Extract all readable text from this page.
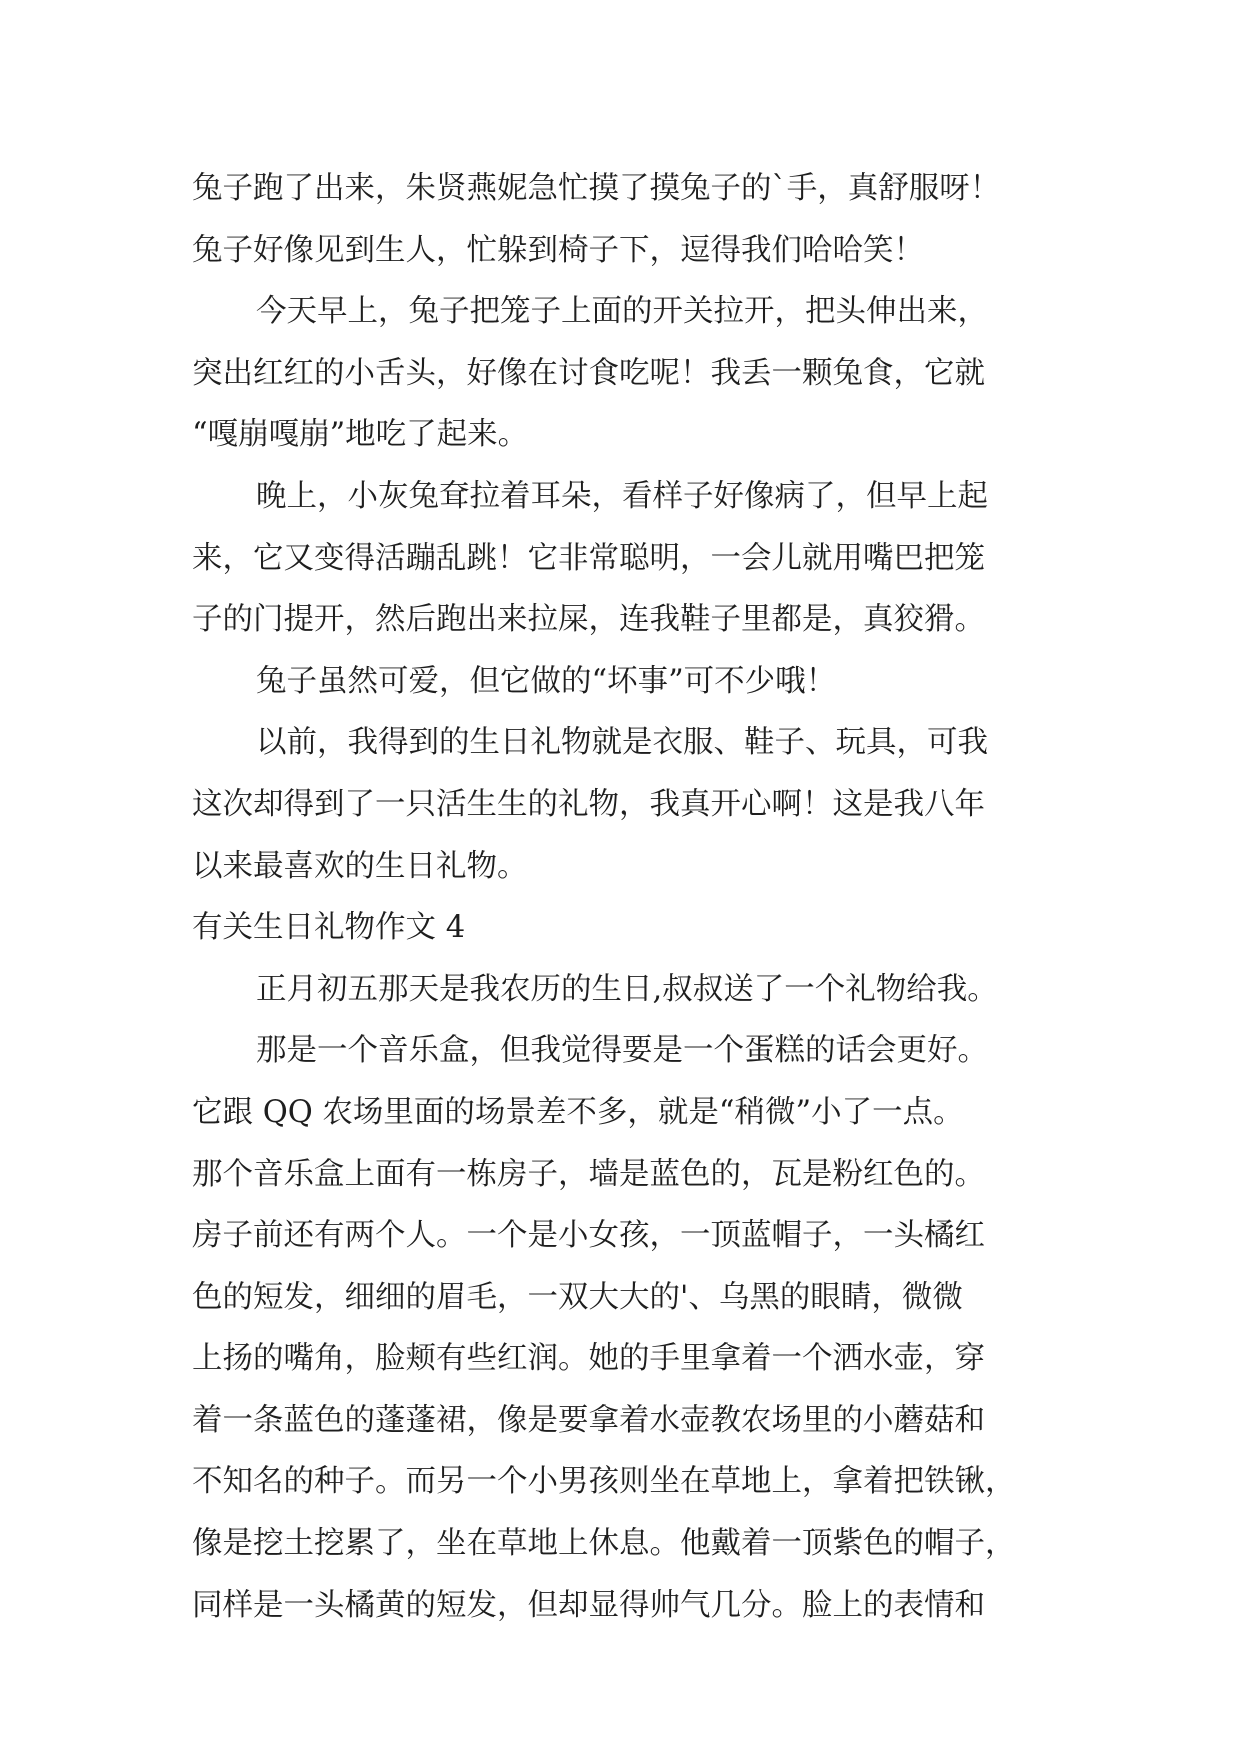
兔子跑了出来，朱贤燕妮急忙摸了摸兔子的`手，真舒服呀！
兔子好像见到生人，忙躲到椅子下，逗得我们哈哈笑！
今天早上，兔子把笼子上面的开关拉开，把头伸出来，
突出红红的小舌头，好像在讨食吃呢！我丢一颗兔食，它就
“嘎崩嘎崩”地吃了起来。
晚上，小灰兔耷拉着耳朵，看样子好像病了，但早上起
来，它又变得活蹦乱跳！它非常聪明，一会儿就用嘴巴把笼
子的门提开，然后跑出来拉屎，连我鞋子里都是，真狡猾。
兔子虽然可爱，但它做的“坏事”可不少哦！
以前，我得到的生日礼物就是衣服、鞋子、玩具，可我
这次却得到了一只活生生的礼物，我真开心啊！这是我八年
以来最喜欢的生日礼物。
有关生日礼物作文 4
正月初五那天是我农历的生日,叔叔送了一个礼物给我。
那是一个音乐盒，但我觉得要是一个蛋糕的话会更好。
它跟 QQ 农场里面的场景差不多，就是“稍微”小了一点。
那个音乐盒上面有一栋房子，墙是蓝色的，瓦是粉红色的。
房子前还有两个人。一个是小女孩，一顶蓝帽子，一头橘红
色的短发，细细的眉毛，一双大大的'、乌黑的眼睛，微微
上扬的嘴角，脸颊有些红润。她的手里拿着一个洒水壶，穿
着一条蓝色的蓬蓬裙，像是要拿着水壶教农场里的小蘑菇和
不知名的种子。而另一个小男孩则坐在草地上，拿着把铁锹，
像是挖土挖累了，坐在草地上休息。他戴着一顶紫色的帽子，
同样是一头橘黄的短发，但却显得帅气几分。脸上的表情和
